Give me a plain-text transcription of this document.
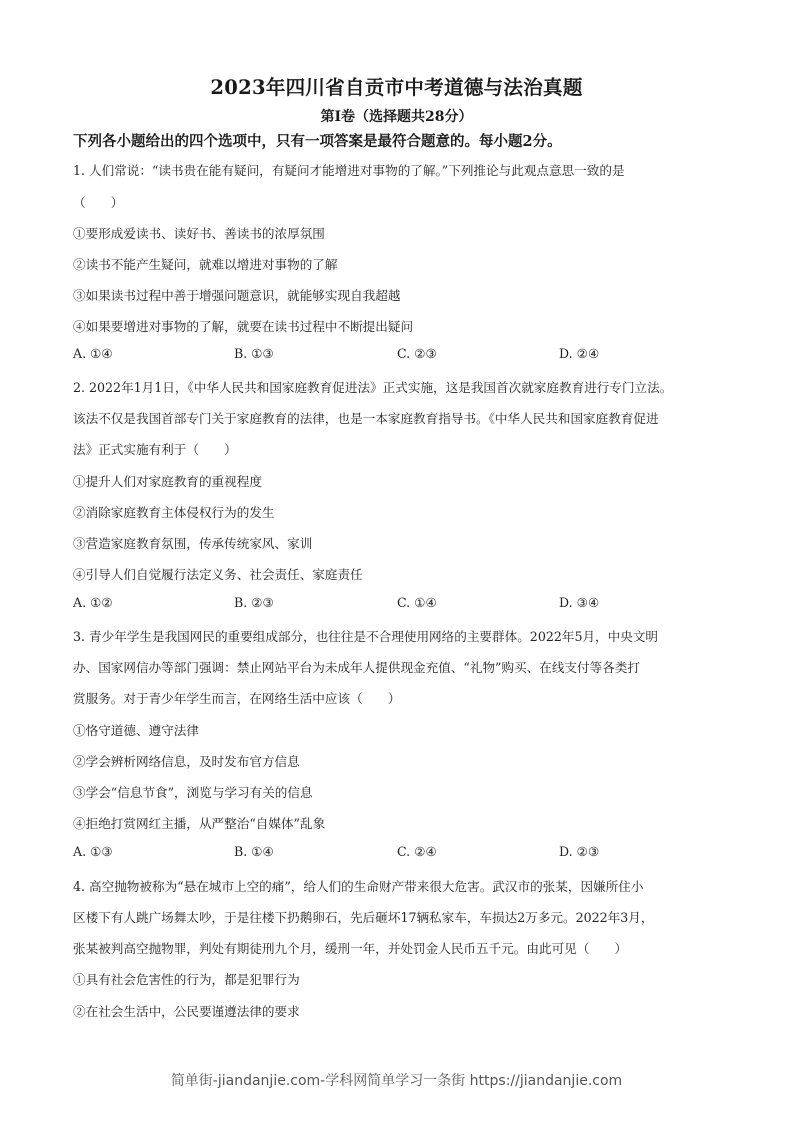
2023年四川省自贡市中考道德与法治真题
第I卷（选择题共28分）
下列各小题给出的四个选项中，只有一项答案是最符合题意的。每小题2分。
1. 人们常说：“读书贵在能有疑问，有疑问才能增进对事物的了解。”下列推论与此观点意思一致的是
（　　）
①要形成爱读书、读好书、善读书的浓厚氛围
②读书不能产生疑问，就难以增进对事物的了解
③如果读书过程中善于增强问题意识，就能够实现自我超越
④如果要增进对事物的了解，就要在读书过程中不断提出疑问
A. ①④	B. ①③	C. ②③	D. ②④
2. 2022年1月1日，《中华人民共和国家庭教育促进法》正式实施，这是我国首次就家庭教育进行专门立法。
该法不仅是我国首部专门关于家庭教育的法律，也是一本家庭教育指导书。《中华人民共和国家庭教育促进
法》正式实施有利于（　　）
①提升人们对家庭教育的重视程度
②消除家庭教育主体侵权行为的发生
③营造家庭教育氛围，传承传统家风、家训
④引导人们自觉履行法定义务、社会责任、家庭责任
A. ①②	B. ②③	C. ①④	D. ③④
3. 青少年学生是我国网民的重要组成部分，也往往是不合理使用网络的主要群体。2022年5月，中央文明
办、国家网信办等部门强调：禁止网站平台为未成年人提供现金充值、“礼物”购买、在线支付等各类打
赏服务。对于青少年学生而言，在网络生活中应该（　　）
①恪守道德、遵守法律
②学会辨析网络信息，及时发布官方信息
③学会“信息节食”，浏览与学习有关的信息
④拒绝打赏网红主播，从严整治“自媒体”乱象
A. ①③	B. ①④	C. ②④	D. ②③
4. 高空抛物被称为“悬在城市上空的痛”，给人们的生命财产带来很大危害。武汉市的张某，因嫌所住小
区楼下有人跳广场舞太吵，于是往楼下扔鹅卵石，先后砸坏17辆私家车，车损达2万多元。2022年3月，
张某被判高空抛物罪，判处有期徒刑九个月，缓刑一年，并处罚金人民币五千元。由此可见（　　）
①具有社会危害性的行为，都是犯罪行为
②在社会生活中，公民要谨遵法律的要求
简单街-jiandanjie.com-学科网简单学习一条街 https://jiandanjie.com
